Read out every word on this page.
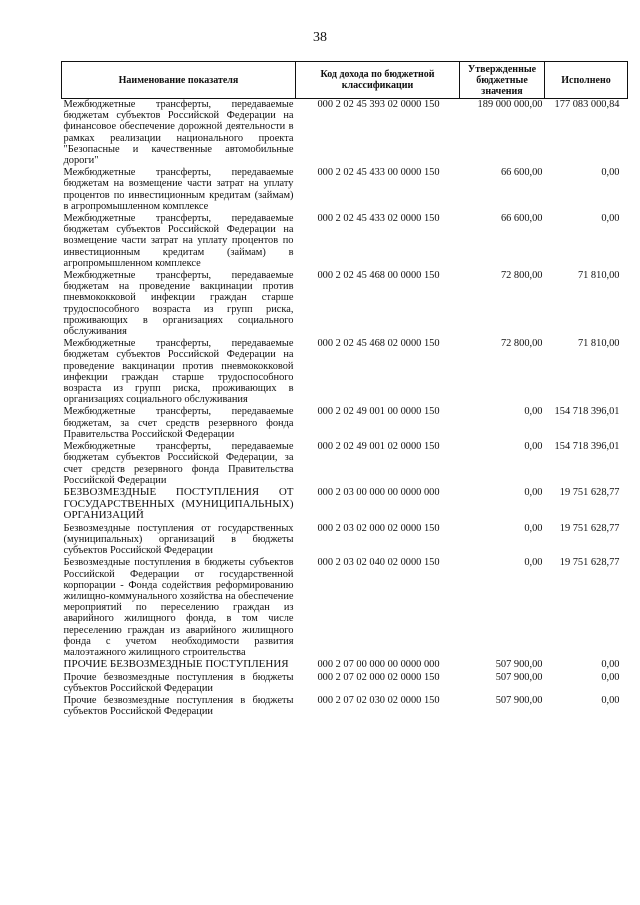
38
Наименование показателя	Код дохода по бюджетной классификации	Утвержденные бюджетные значения	Исполнено
Межбюджетные трансферты, передаваемые бюджетам субъектов Российской Федерации на финансовое обеспечение дорожной деятельности в рамках реализации национального проекта "Безопасные и качественные автомобильные дороги"	000 2 02 45 393 02 0000 150	189 000 000,00	177 083 000,84
Межбюджетные трансферты, передаваемые бюджетам на возмещение части затрат на уплату процентов по инвестиционным кредитам (займам) в агропромышленном комплексе	000 2 02 45 433 00 0000 150	66 600,00	0,00
Межбюджетные трансферты, передаваемые бюджетам субъектов Российской Федерации на возмещение части затрат на уплату процентов по инвестиционным кредитам (займам) в агропромышленном комплексе	000 2 02 45 433 02 0000 150	66 600,00	0,00
Межбюджетные трансферты, передаваемые бюджетам на проведение вакцинации против пневмококковой инфекции граждан старше трудоспособного возраста из групп риска, проживающих в организациях социального обслуживания	000 2 02 45 468 00 0000 150	72 800,00	71 810,00
Межбюджетные трансферты, передаваемые бюджетам субъектов Российской Федерации на проведение вакцинации против пневмококковой инфекции граждан старше трудоспособного возраста из групп риска, проживающих в организациях социального обслуживания	000 2 02 45 468 02 0000 150	72 800,00	71 810,00
Межбюджетные трансферты, передаваемые бюджетам, за счет средств резервного фонда Правительства Российской Федерации	000 2 02 49 001 00 0000 150	0,00	154 718 396,01
Межбюджетные трансферты, передаваемые бюджетам субъектов Российской Федерации, за счет средств резервного фонда Правительства Российской Федерации	000 2 02 49 001 02 0000 150	0,00	154 718 396,01
БЕЗВОЗМЕЗДНЫЕ ПОСТУПЛЕНИЯ ОТ ГОСУДАРСТВЕННЫХ (МУНИЦИПАЛЬНЫХ) ОРГАНИЗАЦИЙ	000 2 03 00 000 00 0000 000	0,00	19 751 628,77
Безвозмездные поступления от государственных (муниципальных) организаций в бюджеты субъектов Российской Федерации	000 2 03 02 000 02 0000 150	0,00	19 751 628,77
Безвозмездные поступления в бюджеты субъектов Российской Федерации от государственной корпорации - Фонда содействия реформированию жилищно-коммунального хозяйства на обеспечение мероприятий по переселению граждан из аварийного жилищного фонда, в том числе переселению граждан из аварийного жилищного фонда с учетом необходимости развития малоэтажного жилищного строительства	000 2 03 02 040 02 0000 150	0,00	19 751 628,77
ПРОЧИЕ БЕЗВОЗМЕЗДНЫЕ ПОСТУПЛЕНИЯ	000 2 07 00 000 00 0000 000	507 900,00	0,00
Прочие безвозмездные поступления в бюджеты субъектов Российской Федерации	000 2 07 02 000 02 0000 150	507 900,00	0,00
Прочие безвозмездные поступления в бюджеты субъектов Российской Федерации	000 2 07 02 030 02 0000 150	507 900,00	0,00
